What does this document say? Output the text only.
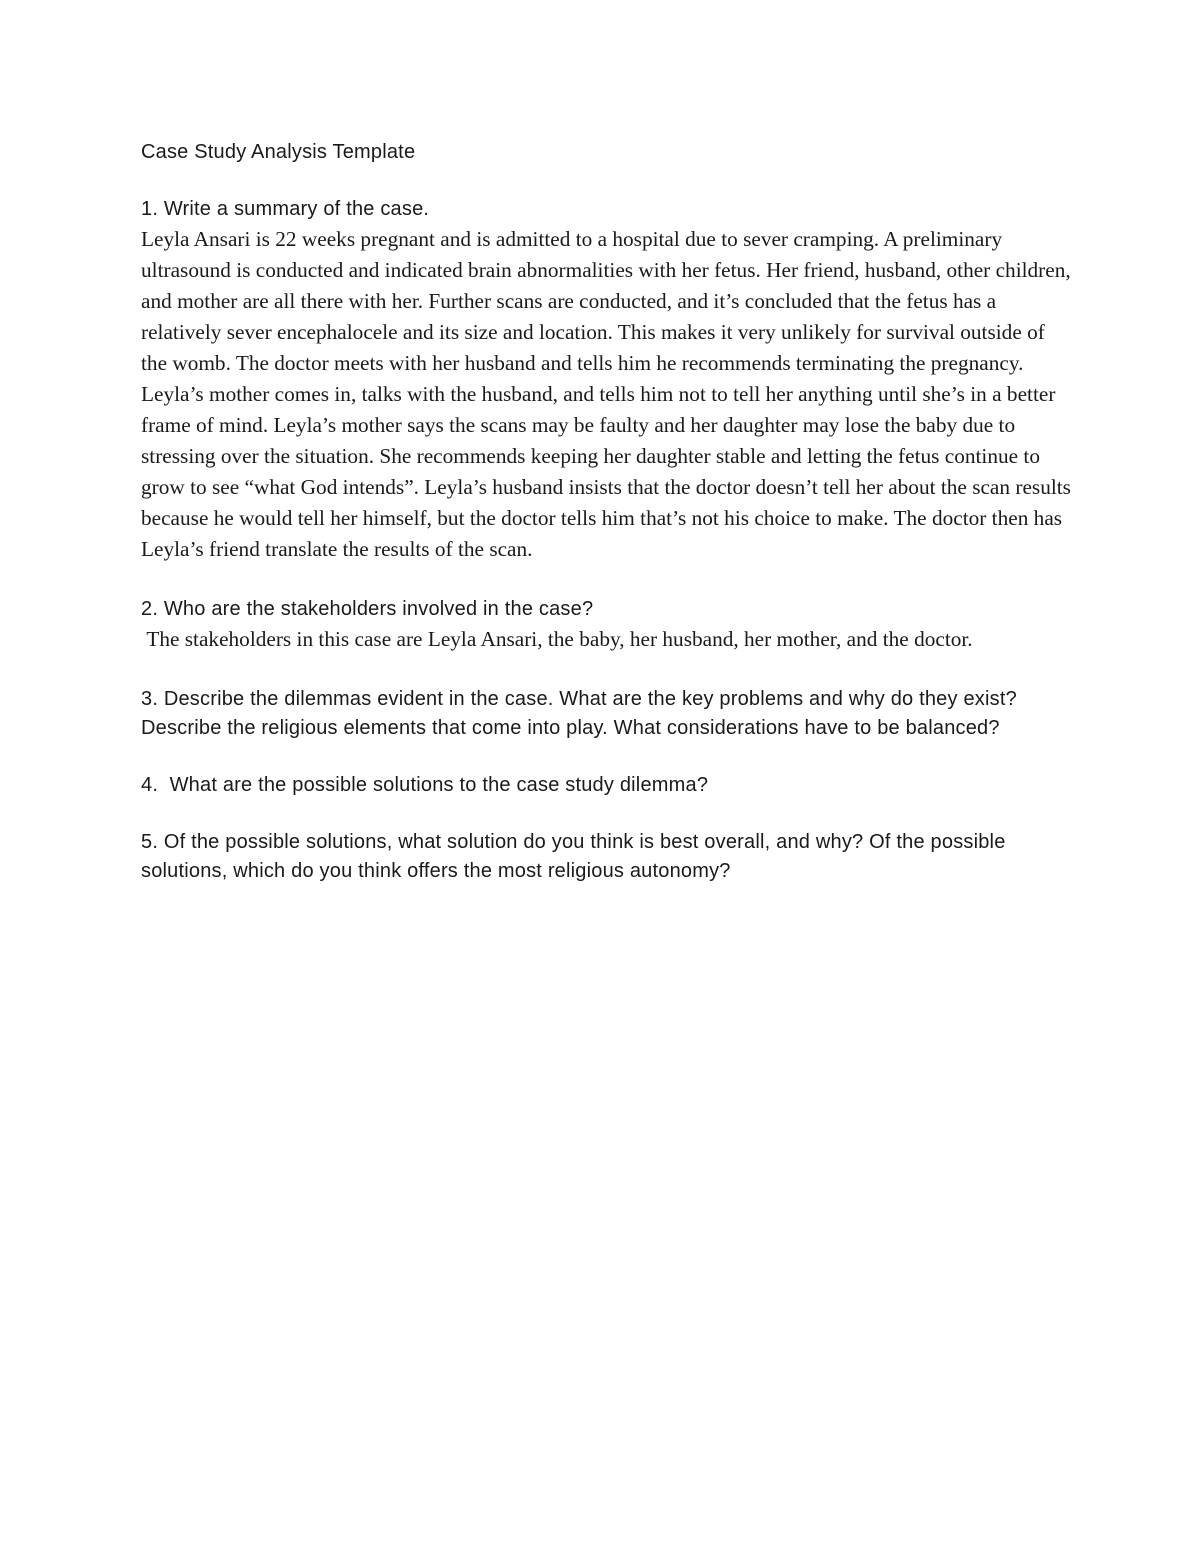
Case Study Analysis Template

1. Write a summary of the case.

Leyla Ansari is 22 weeks pregnant and is admitted to a hospital due to sever cramping. A preliminary ultrasound is conducted and indicated brain abnormalities with her fetus. Her friend, husband, other children, and mother are all there with her. Further scans are conducted, and it’s concluded that the fetus has a relatively sever encephalocele and its size and location. This makes it very unlikely for survival outside of the womb. The doctor meets with her husband and tells him he recommends terminating the pregnancy. Leyla’s mother comes in, talks with the husband, and tells him not to tell her anything until she’s in a better frame of mind. Leyla’s mother says the scans may be faulty and her daughter may lose the baby due to stressing over the situation. She recommends keeping her daughter stable and letting the fetus continue to grow to see “what God intends”. Leyla’s husband insists that the doctor doesn’t tell her about the scan results because he would tell her himself, but the doctor tells him that’s not his choice to make. The doctor then has Leyla’s friend translate the results of the scan.

2. Who are the stakeholders involved in the case?

The stakeholders in this case are Leyla Ansari, the baby, her husband, her mother, and the doctor.

3. Describe the dilemmas evident in the case. What are the key problems and why do they exist? Describe the religious elements that come into play. What considerations have to be balanced?

4.  What are the possible solutions to the case study dilemma?

5. Of the possible solutions, what solution do you think is best overall, and why? Of the possible solutions, which do you think offers the most religious autonomy?
